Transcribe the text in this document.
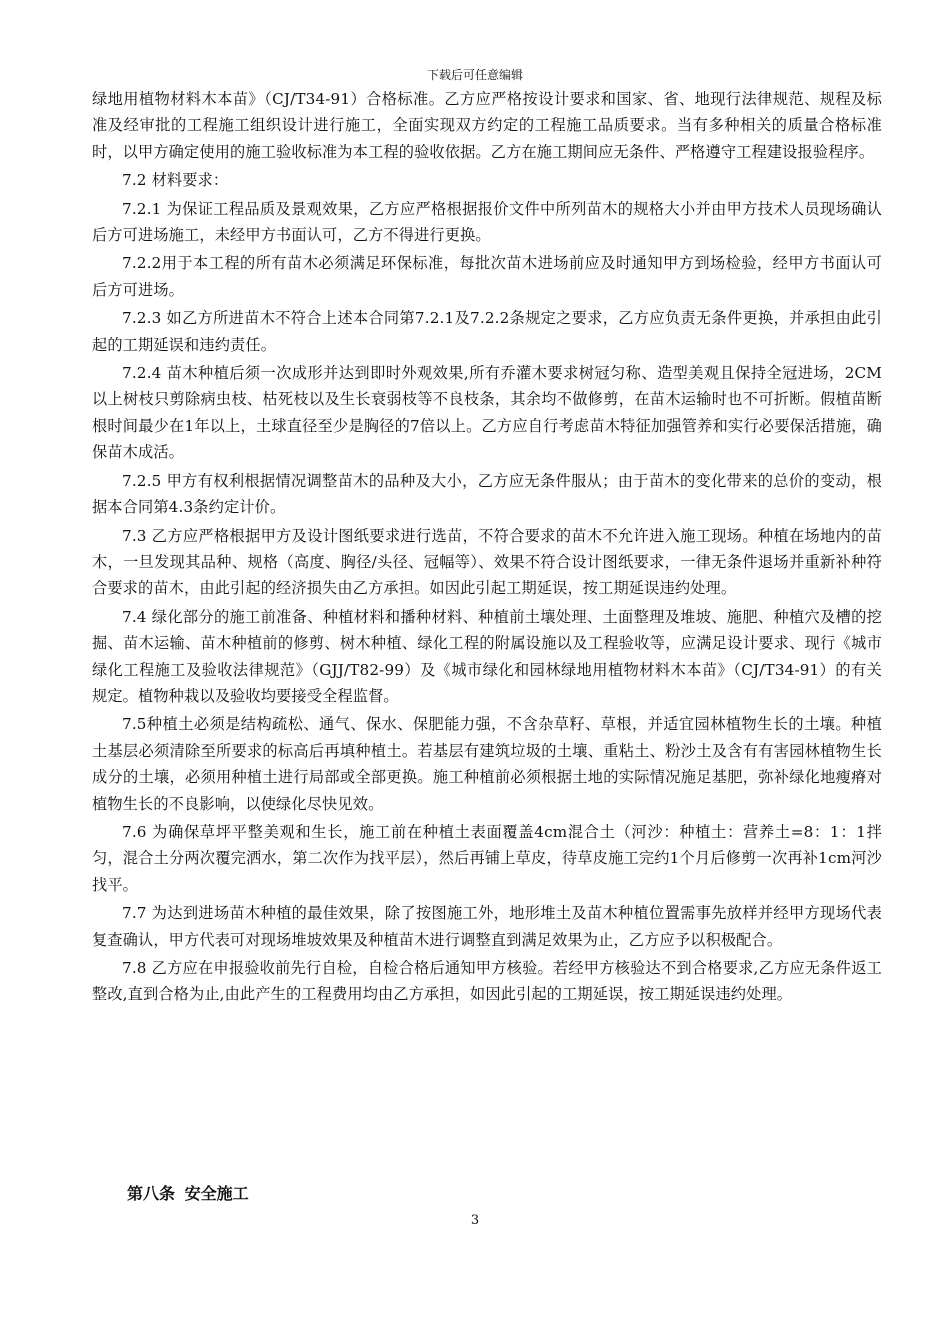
下载后可任意编辑

绿地用植物材料木本苗》（CJ/T34-91）合格标准。乙方应严格按设计要求和国家、省、地现行法律规范、规程及标准及经审批的工程施工组织设计进行施工，全面实现双方约定的工程施工品质要求。当有多种相关的质量合格标准时，以甲方确定使用的施工验收标准为本工程的验收依据。乙方在施工期间应无条件、严格遵守工程建设报验程序。

7.2 材料要求：

7.2.1 为保证工程品质及景观效果，乙方应严格根据报价文件中所列苗木的规格大小并由甲方技术人员现场确认后方可进场施工，未经甲方书面认可，乙方不得进行更换。

7.2.2用于本工程的所有苗木必须满足环保标准，每批次苗木进场前应及时通知甲方到场检验，经甲方书面认可后方可进场。

7.2.3 如乙方所进苗木不符合上述本合同第7.2.1及7.2.2条规定之要求，乙方应负责无条件更换，并承担由此引起的工期延误和违约责任。

7.2.4 苗木种植后须一次成形并达到即时外观效果,所有乔灌木要求树冠匀称、造型美观且保持全冠进场，2CM以上树枝只剪除病虫枝、枯死枝以及生长衰弱枝等不良枝条，其余均不做修剪，在苗木运输时也不可折断。假植苗断根时间最少在1年以上，土球直径至少是胸径的7倍以上。乙方应自行考虑苗木特征加强管养和实行必要保活措施，确保苗木成活。

7.2.5 甲方有权利根据情况调整苗木的品种及大小，乙方应无条件服从；由于苗木的变化带来的总价的变动，根据本合同第4.3条约定计价。

7.3 乙方应严格根据甲方及设计图纸要求进行选苗，不符合要求的苗木不允许进入施工现场。种植在场地内的苗木，一旦发现其品种、规格（高度、胸径/头径、冠幅等）、效果不符合设计图纸要求，一律无条件退场并重新补种符合要求的苗木，由此引起的经济损失由乙方承担。如因此引起工期延误，按工期延误违约处理。

7.4 绿化部分的施工前准备、种植材料和播种材料、种植前土壤处理、土面整理及堆坡、施肥、种植穴及槽的挖掘、苗木运输、苗木种植前的修剪、树木种植、绿化工程的附属设施以及工程验收等，应满足设计要求、现行《城市绿化工程施工及验收法律规范》（GJJ/T82-99）及《城市绿化和园林绿地用植物材料木本苗》（CJ/T34-91）的有关规定。植物种栽以及验收均要接受全程监督。

7.5种植土必须是结构疏松、通气、保水、保肥能力强，不含杂草籽、草根，并适宜园林植物生长的土壤。种植土基层必须清除至所要求的标高后再填种植土。若基层有建筑垃圾的土壤、重粘土、粉沙土及含有有害园林植物生长成分的土壤，必须用种植土进行局部或全部更换。施工种植前必须根据土地的实际情况施足基肥，弥补绿化地瘦瘠对植物生长的不良影响，以使绿化尽快见效。

7.6 为确保草坪平整美观和生长，施工前在种植土表面覆盖4cm混合土（河沙：种植土：营养土=8：1：1拌匀，混合土分两次覆完洒水，第二次作为找平层），然后再铺上草皮，待草皮施工完约1个月后修剪一次再补1cm河沙找平。

7.7 为达到进场苗木种植的最佳效果，除了按图施工外，地形堆土及苗木种植位置需事先放样并经甲方现场代表复查确认，甲方代表可对现场堆坡效果及种植苗木进行调整直到满足效果为止，乙方应予以积极配合。

7.8 乙方应在申报验收前先行自检，自检合格后通知甲方核验。若经甲方核验达不到合格要求,乙方应无条件返工整改,直到合格为止,由此产生的工程费用均由乙方承担，如因此引起的工期延误，按工期延误违约处理。

第八条 安全施工
3
